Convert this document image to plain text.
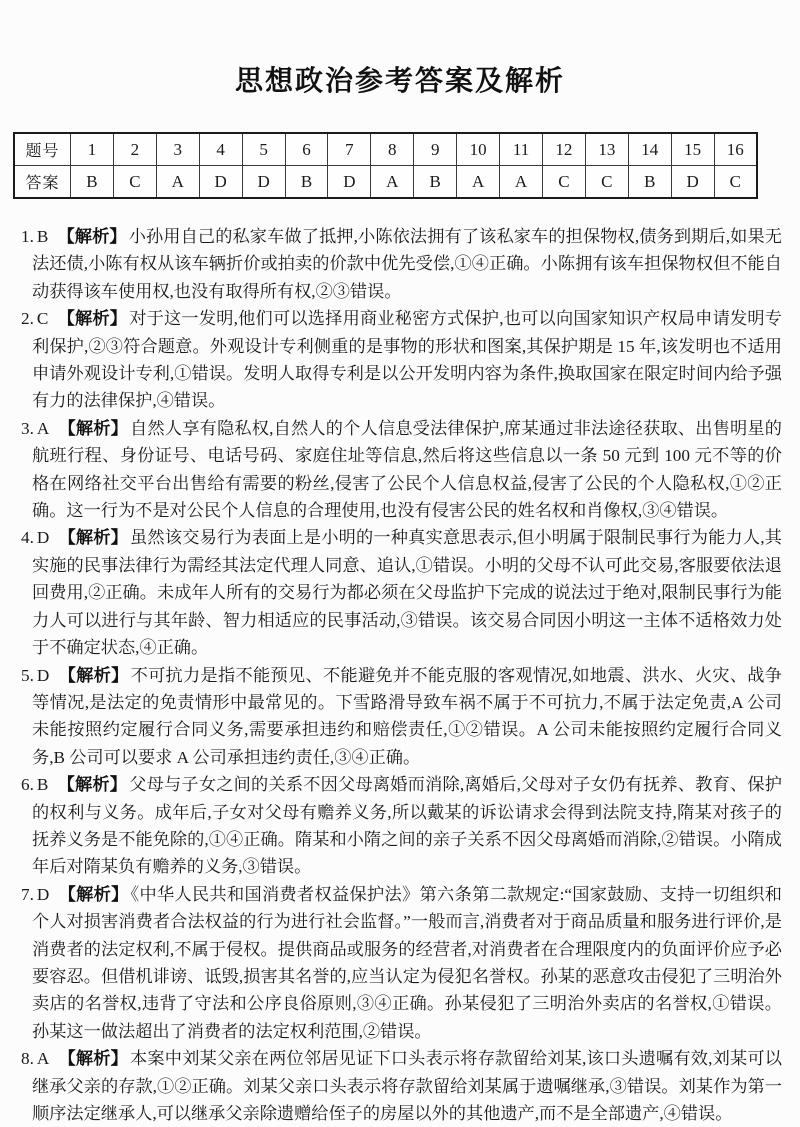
思想政治参考答案及解析
题号	1	2	3	4	5	6	7	8	9	10	11	12	13	14	15	16
答案	B	C	A	D	D	B	D	A	B	A	A	C	C	B	D	C

1. B 【解析】 小孙用自己的私家车做了抵押,小陈依法拥有了该私家车的担保物权,债务到期后,如果无法还债,小陈有权从该车辆折价或拍卖的价款中优先受偿,①④正确。小陈拥有该车担保物权但不能自动获得该车使用权,也没有取得所有权,②③错误。

2. C 【解析】 对于这一发明,他们可以选择用商业秘密方式保护,也可以向国家知识产权局申请发明专利保护,②③符合题意。外观设计专利侧重的是事物的形状和图案,其保护期是 15 年,该发明也不适用申请外观设计专利,①错误。发明人取得专利是以公开发明内容为条件,换取国家在限定时间内给予强有力的法律保护,④错误。

3. A 【解析】 自然人享有隐私权,自然人的个人信息受法律保护,席某通过非法途径获取、出售明星的航班行程、身份证号、电话号码、家庭住址等信息,然后将这些信息以一条 50 元到 100 元不等的价格在网络社交平台出售给有需要的粉丝,侵害了公民个人信息权益,侵害了公民的个人隐私权,①②正确。这一行为不是对公民个人信息的合理使用,也没有侵害公民的姓名权和肖像权,③④错误。

4. D 【解析】 虽然该交易行为表面上是小明的一种真实意思表示,但小明属于限制民事行为能力人,其实施的民事法律行为需经其法定代理人同意、追认,①错误。小明的父母不认可此交易,客服要依法退回费用,②正确。未成年人所有的交易行为都必须在父母监护下完成的说法过于绝对,限制民事行为能力人可以进行与其年龄、智力相适应的民事活动,③错误。该交易合同因小明这一主体不适格效力处于不确定状态,④正确。

5. D 【解析】 不可抗力是指不能预见、不能避免并不能克服的客观情况,如地震、洪水、火灾、战争等情况,是法定的免责情形中最常见的。下雪路滑导致车祸不属于不可抗力,不属于法定免责,A 公司未能按照约定履行合同义务,需要承担违约和赔偿责任,①②错误。A 公司未能按照约定履行合同义务,B 公司可以要求 A 公司承担违约责任,③④正确。

6. B 【解析】 父母与子女之间的关系不因父母离婚而消除,离婚后,父母对子女仍有抚养、教育、保护的权利与义务。成年后,子女对父母有赡养义务,所以戴某的诉讼请求会得到法院支持,隋某对孩子的抚养义务是不能免除的,①④正确。隋某和小隋之间的亲子关系不因父母离婚而消除,②错误。小隋成年后对隋某负有赡养的义务,③错误。

7. D 【解析】 《中华人民共和国消费者权益保护法》第六条第二款规定:“国家鼓励、支持一切组织和个人对损害消费者合法权益的行为进行社会监督。”一般而言,消费者对于商品质量和服务进行评价,是消费者的法定权利,不属于侵权。提供商品或服务的经营者,对消费者在合理限度内的负面评价应予必要容忍。但借机诽谤、诋毁,损害其名誉的,应当认定为侵犯名誉权。孙某的恶意攻击侵犯了三明治外卖店的名誉权,违背了守法和公序良俗原则,③④正确。孙某侵犯了三明治外卖店的名誉权,①错误。孙某这一做法超出了消费者的法定权利范围,②错误。

8. A 【解析】 本案中刘某父亲在两位邻居见证下口头表示将存款留给刘某,该口头遗嘱有效,刘某可以继承父亲的存款,①②正确。刘某父亲口头表示将存款留给刘某属于遗嘱继承,③错误。刘某作为第一顺序法定继承人,可以继承父亲除遗赠给侄子的房屋以外的其他遗产,而不是全部遗产,④错误。
